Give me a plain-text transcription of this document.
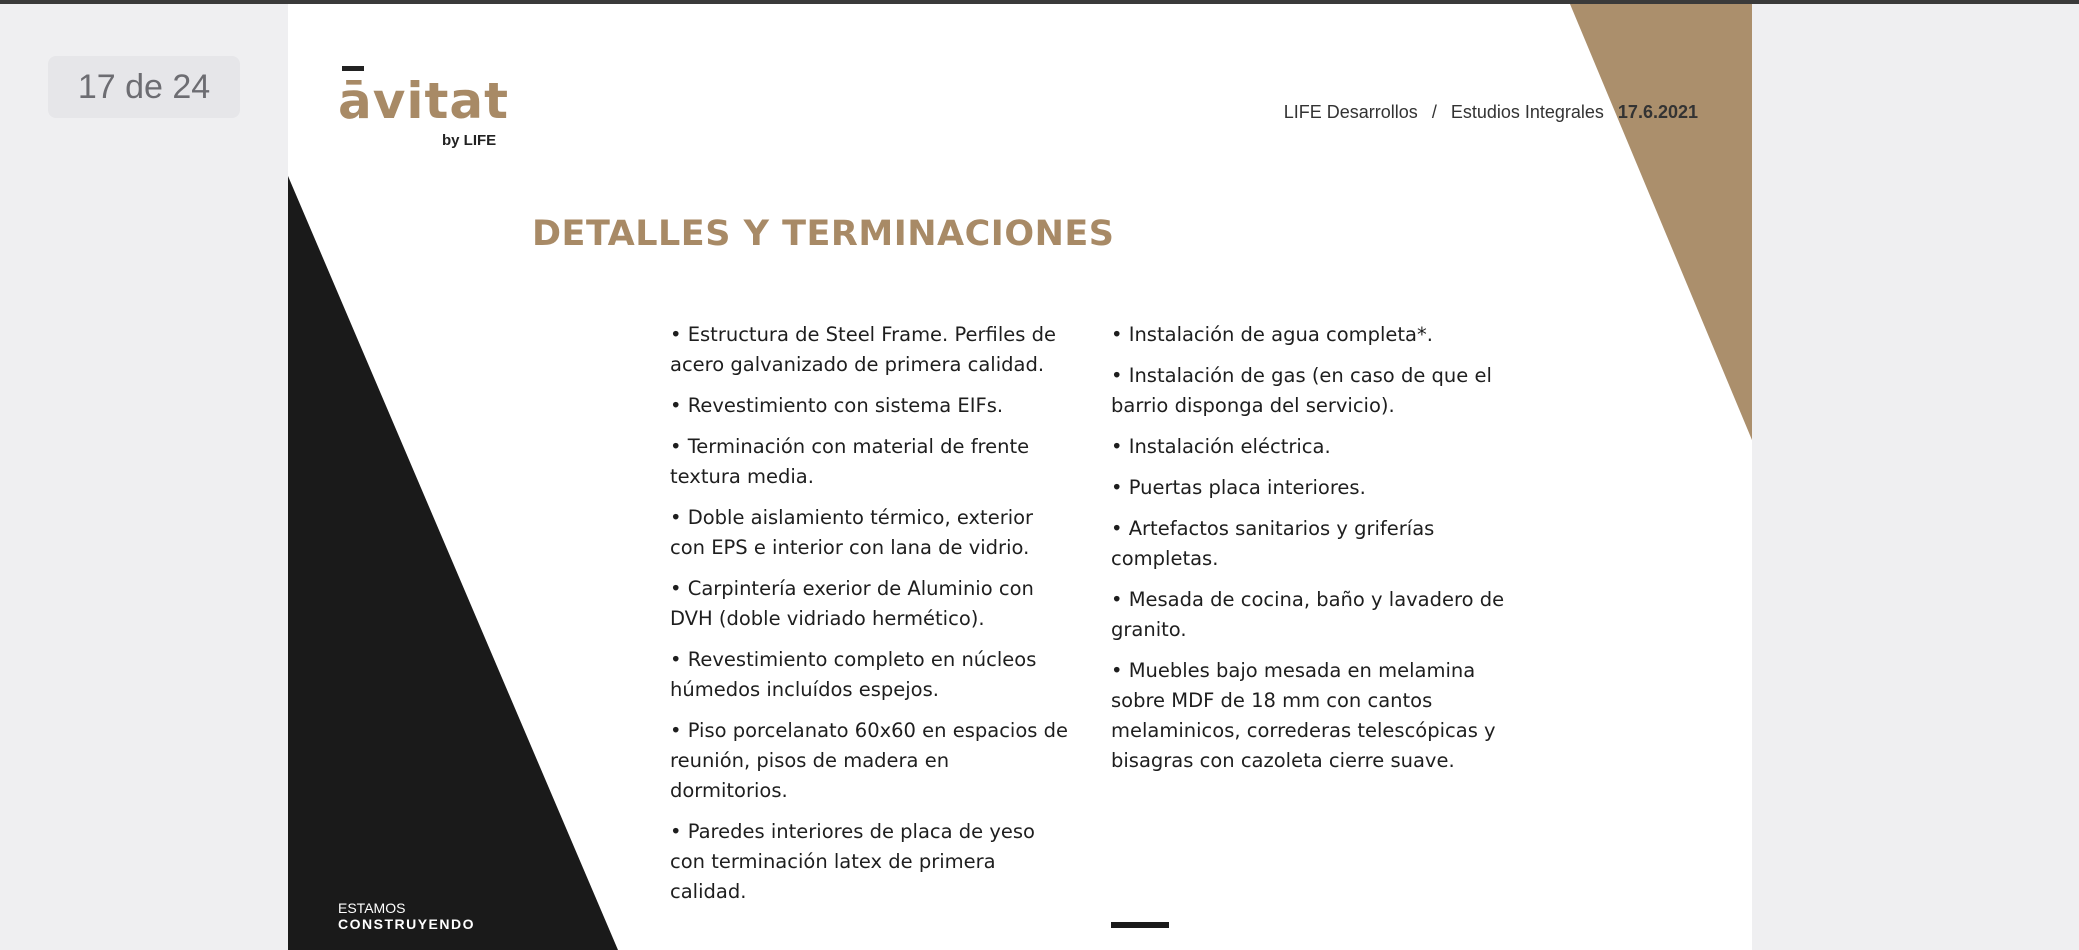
17 de 24	āvitat
by LIFE
LIFE Desarrollos / Estudios Integrales 17.6.2021
DETALLES Y TERMINACIONES

• Estructura de Steel Frame. Perfiles de acero galvanizado de primera calidad.

• Revestimiento con sistema EIFs.

• Terminación con material de frente textura media.

• Doble aislamiento térmico, exterior con EPS e interior con lana de vidrio.

• Carpintería exerior de Aluminio con DVH (doble vidriado hermético).

• Revestimiento completo en núcleos húmedos incluídos espejos.

• Piso porcelanato 60x60 en espacios de reunión, pisos de madera en dormitorios.

• Paredes interiores de placa de yeso con terminación latex de primera calidad.

• Instalación de agua completa*.

• Instalación de gas (en caso de que el barrio disponga del servicio).

• Instalación eléctrica.

• Puertas placa interiores.

• Artefactos sanitarios y griferías completas.

• Mesada de cocina, baño y lavadero de granito.

• Muebles bajo mesada en melamina sobre MDF de 18 mm con cantos melaminicos, correderas telescópicas y bisagras con cazoleta cierre suave.

ESTAMOS
CONSTRUYENDO
